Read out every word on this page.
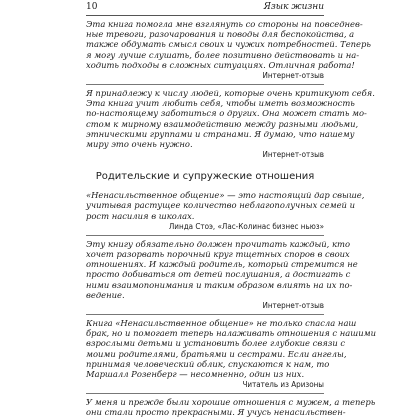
10	Язык жизни

Эта книга помогла мне взглянуть со стороны на повседнев-
ные тревоги, разочарования и поводы для беспокойства, а
также обдумать смысл своих и чужих потребностей. Теперь
я могу лучше слушать, более позитивно действовать и на-
ходить подходы в сложных ситуациях. Отличная работа!

Интернет-отзыв

Я принадлежу к числу людей, которые очень критикуют себя.
Эта книга учит любить себя, чтобы иметь возможность
по-настоящему заботиться о других. Она может стать мо-
стом к мирному взаимодействию между разными людьми,
этническими группами и странами. Я думаю, что нашему
миру это очень нужно.

Интернет-отзыв
Родительские и супружеские отношения

«Ненасильственное общение» — это настоящий дар свыше,
учитывая растущее количество неблагополучных семей и
рост насилия в школах.

Линда Стоэ, «Лас-Колинас бизнес ньюз»

Эту книгу обязательно должен прочитать каждый, кто
хочет разорвать порочный круг тщетных споров в своих
отношениях. И каждый родитель, который стремится не
просто добиваться от детей послушания, а достигать с
ними взаимопонимания и таким образом влиять на их по-
ведение.

Интернет-отзыв

Книга «Ненасильственное общение» не только спасла наш
брак, но и помогает теперь налаживать отношения с нашими
взрослыми детьми и установить более глубокие связи с
моими родителями, братьями и сестрами. Если ангелы,
принимая человеческий облик, спускаются к нам, то
Маршалл Розенберг — несомненно, один из них.

Читатель из Аризоны

У меня и прежде были хорошие отношения с мужем, а теперь
они стали просто прекрасными. Я учусь ненасильствен-
